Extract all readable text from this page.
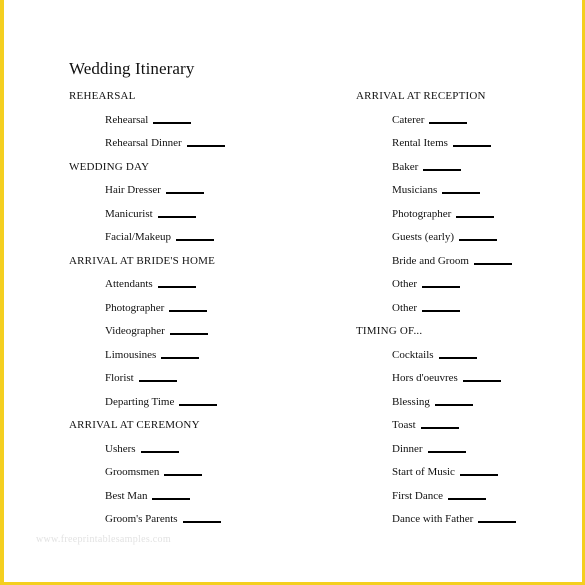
Wedding Itinerary
REHEARSAL
Rehearsal
Rehearsal Dinner
WEDDING DAY
Hair Dresser
Manicurist
Facial/Makeup
ARRIVAL AT BRIDE'S HOME
Attendants
Photographer
Videographer
Limousines
Florist
Departing Time
ARRIVAL AT CEREMONY
Ushers
Groomsmen
Best Man
Groom's Parents
ARRIVAL AT RECEPTION
Caterer
Rental Items
Baker
Musicians
Photographer
Guests (early)
Bride and Groom
Other
Other
TIMING OF...
Cocktails
Hors d'oeuvres
Blessing
Toast
Dinner
Start of Music
First Dance
Dance with Father
www.freeprintablesamples.com
